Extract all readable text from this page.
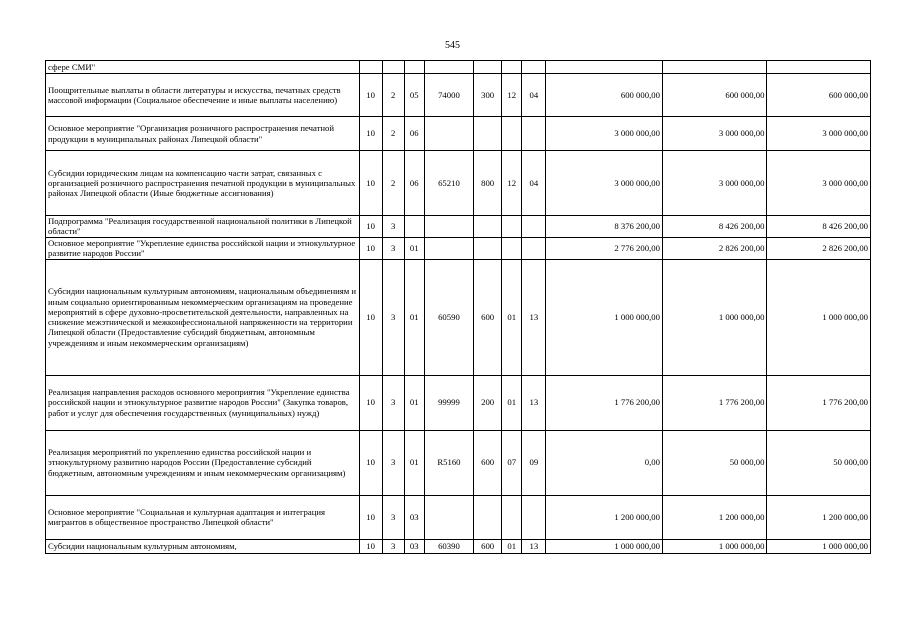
545
сфере СМИ"										
Поощрительные выплаты в области литературы и искусства, печатных средств массовой информации (Социальное обеспечение и иные выплаты населению)	10	2	05	74000	300	12	04	600 000,00	600 000,00	600 000,00
Основное мероприятие "Организация розничного распространения печатной продукции в муниципальных районах Липецкой области"	10	2	06					3 000 000,00	3 000 000,00	3 000 000,00
Субсидии юридическим лицам на компенсацию части затрат, связанных с организацией розничного распространения печатной продукции в муниципальных районах Липецкой области (Иные бюджетные ассигнования)	10	2	06	65210	800	12	04	3 000 000,00	3 000 000,00	3 000 000,00
Подпрограмма "Реализация государственной национальной политики в Липецкой области"	10	3						8 376 200,00	8 426 200,00	8 426 200,00
Основное мероприятие "Укрепление единства российской нации и этнокультурное развитие народов России"	10	3	01					2 776 200,00	2 826 200,00	2 826 200,00
Субсидии национальным культурным автономиям, национальным объединениям и иным социально ориентированным некоммерческим организациям на проведение мероприятий в сфере духовно-просветительской деятельности, направленных на снижение межэтнической и межконфессиональной напряженности на территории Липецкой области (Предоставление субсидий бюджетным, автономным учреждениям и иным некоммерческим организациям)	10	3	01	60590	600	01	13	1 000 000,00	1 000 000,00	1 000 000,00
Реализация направления расходов основного мероприятия "Укрепление единства российской нации и этнокультурное развитие народов России" (Закупка товаров, работ и услуг для обеспечения государственных (муниципальных) нужд)	10	3	01	99999	200	01	13	1 776 200,00	1 776 200,00	1 776 200,00
Реализация мероприятий по укреплению единства российской нации и этнокультурному развитию народов России (Предоставление субсидий бюджетным, автономным учреждениям и иным некоммерческим организациям)	10	3	01	R5160	600	07	09	0,00	50 000,00	50 000,00
Основное мероприятие "Социальная и культурная адаптация и интеграция мигрантов в общественное пространство Липецкой области"	10	3	03					1 200 000,00	1 200 000,00	1 200 000,00
Субсидии национальным культурным автономиям,	10	3	03	60390	600	01	13	1 000 000,00	1 000 000,00	1 000 000,00
